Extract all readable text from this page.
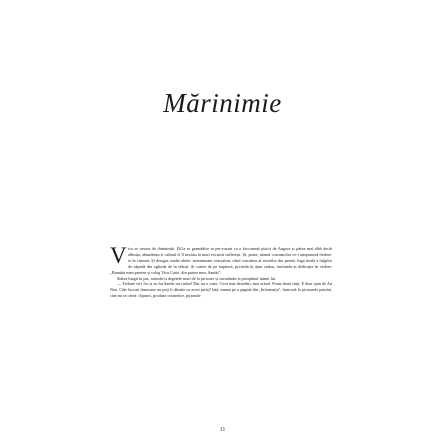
Mărinimie

Vica se trezise de dimineață. ZiGa se gramădise in per-vazuri ca o fascinantă pisică de Angora și părea mai albă decât albeața, abundența și calmul ei îl invitau la mari excursii sufletești. Și, poate, aburul cozonacilor ce-i așteptaseră fierbin-te în cămară. Și desigur, multe altele: neterminate cearșafuri, câtul curcubeu al serurilor din perete, fuga ireală a fulgilor de zăpadă din oglinda de la sfârșit. Și cartea de pe noptieră, pri-mită în ajun cadou, răsfoindu-și dedicația în vedere: „Bunului meu prieten și coleg Vicu Cutie, din partea mea, Sandu”.

Stătea lungit în pat, rotindu-și degetele mari de la picioare și savurându-și preaplinul inimii lui.

— Trebuie să-i fac și eu lui Sandu un cadou! Dar nu o carte. Ceva mai deosebit, mai actual. Poate două cărți. E doar ajun de An Nou. Câte lucruri frumoase nu poți fi dăruite cu acest prilej! Iată, numai pe o pagină din „Informația”, lunecată la picioarele patului, câte nu se oferă: clipsuri, produse cosmetice, pijamale

11
